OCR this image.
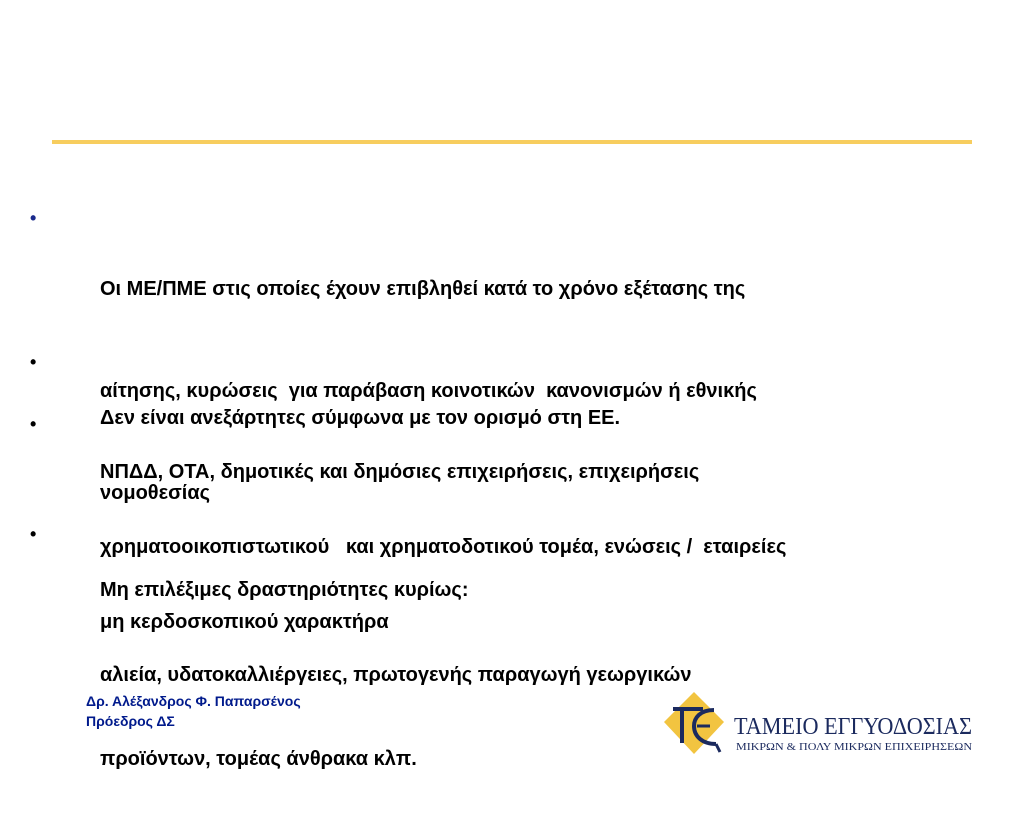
•

Οι ΜΕ/ΠΜΕ στις οποίες έχουν επιβληθεί κατά το χρόνο εξέτασης της

αίτησης, κυρώσεις  για παράβαση κοινοτικών  κανονισμών ή εθνικής

νομοθεσίας

•

Δεν είναι ανεξάρτητες σύμφωνα με τον ορισμό στη ΕΕ.

•

ΝΠΔΔ, ΟΤΑ, δημοτικές και δημόσιες επιχειρήσεις, επιχειρήσεις

χρηματοοικοπιστωτικού   και χρηματοδοτικού τομέα, ενώσεις /  εταιρείες

μη κερδοσκοπικού χαρακτήρα

•

Μη επιλέξιμες δραστηριότητες κυρίως:

αλιεία, υδατοκαλλιέργειες, πρωτογενής παραγωγή γεωργικών

προϊόντων, τομέας άνθρακα κλπ.

Δρ. Αλέξανδρος Φ. Παπαρσένος
Πρόεδρος ΔΣ	ΤΑΜΕΙΟ ΕΓΓΥΟΔΟΣΙΑΣ
ΜΙΚΡΩΝ & ΠΟΛΥ ΜΙΚΡΩΝ ΕΠΙΧΕΙΡΗΣΕΩΝ
